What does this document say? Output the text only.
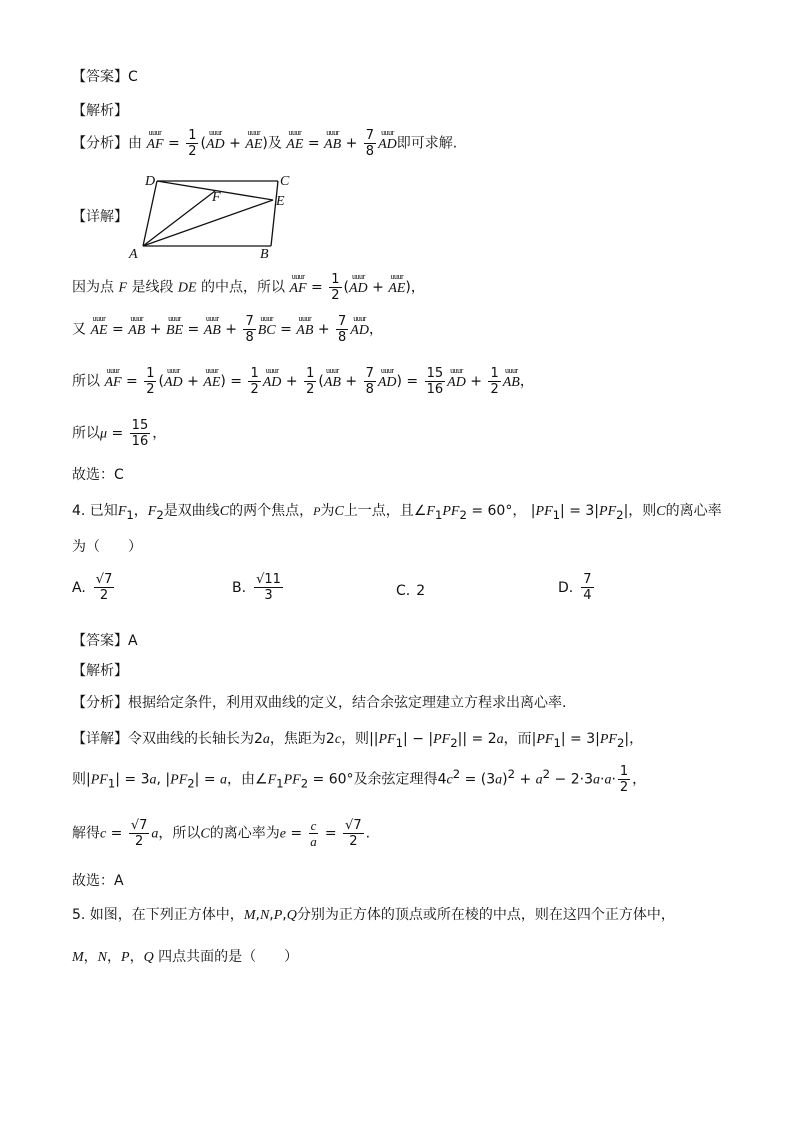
【答案】C
【解析】
【分析】由 uuur AF = $\frac{1}{2}$ (uuur AD + uuur AE)及 uuur AE = uuur AB + $\frac{7}{8}$ uuur AD即可求解.
D	C
F	E
A	B
【详解】
因为点 F 是线段 DE 的中点，所以 uuur AF = $\frac{1}{2}$ (uuur AD + uuur AE)，
又 uuur AE = uuur AB + uuur BE = uuur AB + $\frac{7}{8}$ uuur BC = uuur AB + $\frac{7}{8}$ uuur AD，
所以 uuur AF = $\frac{1}{2}$ (uuur AD + uuur $AE) = \frac{1}{2}$ uuur AD + $\frac{1}{2}$ (uuur AB + $\frac{7}{8}$ uuur $AD) = \frac{15}{16}$ uuur AD + $\frac{1}{2}$ uuur AB，
所以$\mu = \frac{15}{16}$ ，
故选：C
4. 已知$F_1$，$F_2$是双曲线C的两个焦点，P为C上一点，且$\angle F_1PF_2 = 60^\circ$， $|PF_1| = 3|PF_2|$，则C的离心率
为（　　）
A. $\frac{√7}{2}$	B. $\frac{√11}{3}$	C. 2	D. $\frac{7}{4}$
【答案】A
【解析】
【分析】根据给定条件，利用双曲线的定义，结合余弦定理建立方程求出离心率.
【详解】令双曲线的长轴长为2a，焦距为2c，则$||PF_1| - |PF_2|| = 2a$，而$|PF_1| = 3|PF_2|$，
则$|PF_1| = 3a$, $|PF_2| = a$，由$\angle F_1PF_2 = 60^\circ$及余弦定理得$4c^2 = (3a)^2 + a^2 - 2\cdot 3a\cdot a\cdot \frac{1}{2}$ ，
解得$c = \frac{√7}{2}$ a，所以C的离心率为$e = \frac{c}{a} = \frac{√7}{2}$ .
故选：A
5. 如图，在下列正方体中，M,N,P,Q分别为正方体的顶点或所在棱的中点，则在这四个正方体中，
M，N，P，Q 四点共面的是（　　）
